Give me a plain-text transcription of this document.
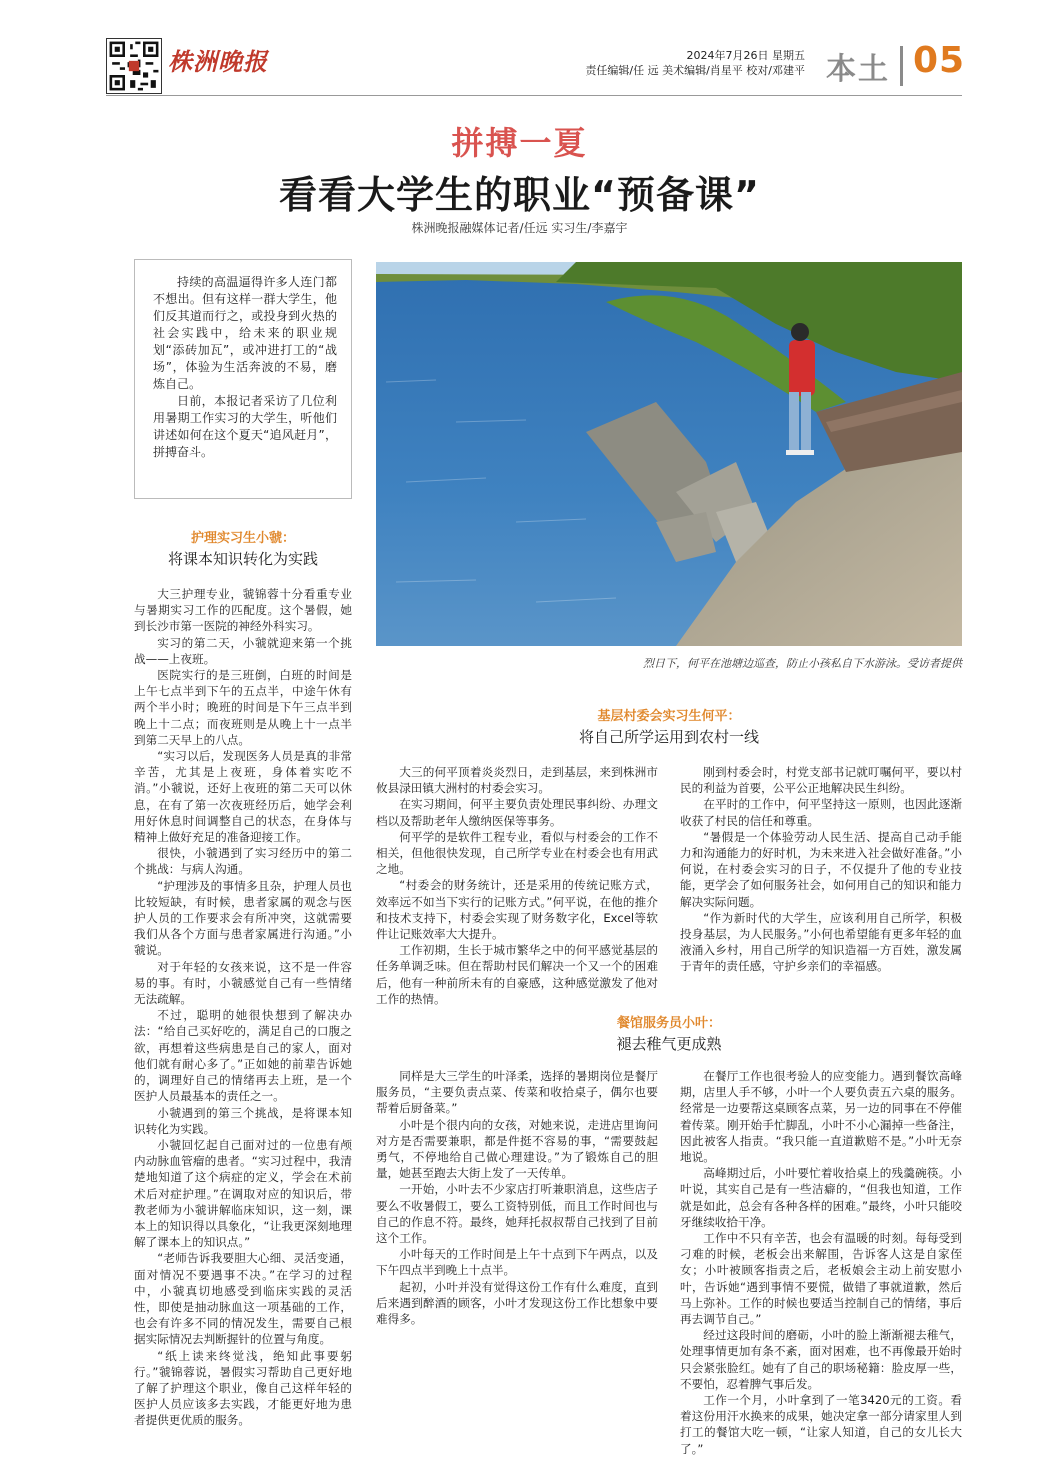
株洲晚报	2024年7月26日 星期五
责任编辑/任 远 美术编辑/肖星平 校对/邓建平 本土 05
拼搏一夏
看看大学生的职业“预备课”
株洲晚报融媒体记者/任远 实习生/李嘉宇

持续的高温逼得许多人连门都不想出。但有这样一群大学生，他们反其道而行之，或投身到火热的社会实践中，给未来的职业规划“添砖加瓦”，或冲进打工的“战场”，体验为生活奔波的不易，磨炼自己。

日前，本报记者采访了几位利用暑期工作实习的大学生，听他们讲述如何在这个夏天“追风赶月”，拼搏奋斗。

烈日下，何平在池塘边巡查，防止小孩私自下水游泳。受访者提供
护理实习生小虢：
将课本知识转化为实践

大三护理专业，虢锦蓉十分看重专业与暑期实习工作的匹配度。这个暑假，她到长沙市第一医院的神经外科实习。

实习的第二天，小虢就迎来第一个挑战——上夜班。

医院实行的是三班倒，白班的时间是上午七点半到下午的五点半，中途午休有两个半小时；晚班的时间是下午三点半到晚上十二点；而夜班则是从晚上十一点半到第二天早上的八点。

“实习以后，发现医务人员是真的非常辛苦，尤其是上夜班，身体着实吃不消。”小虢说，还好上夜班的第二天可以休息，在有了第一次夜班经历后，她学会利用好休息时间调整自己的状态，在身体与精神上做好充足的准备迎接工作。

很快，小虢遇到了实习经历中的第二个挑战：与病人沟通。

“护理涉及的事情多且杂，护理人员也比较短缺，有时候，患者家属的观念与医护人员的工作要求会有所冲突，这就需要我们从各个方面与患者家属进行沟通。”小虢说。

对于年轻的女孩来说，这不是一件容易的事。有时，小虢感觉自己有一些情绪无法疏解。

不过，聪明的她很快想到了解决办法：“给自己买好吃的，满足自己的口腹之欲，再想着这些病患是自己的家人，面对他们就有耐心多了。”正如她的前辈告诉她的，调理好自己的情绪再去上班，是一个医护人员最基本的责任之一。

小虢遇到的第三个挑战，是将课本知识转化为实践。

小虢回忆起自己面对过的一位患有颅内动脉血管瘤的患者。“实习过程中，我清楚地知道了这个病症的定义，学会在术前术后对症护理。”在调取对应的知识后，带教老师为小虢讲解临床知识，这一刻，课本上的知识得以具象化，“让我更深刻地理解了课本上的知识点。”

“老师告诉我要胆大心细、灵活变通，面对情况不要遇事不决。”在学习的过程中，小虢真切地感受到临床实践的灵活性，即使是抽动脉血这一项基础的工作，也会有许多不同的情况发生，需要自己根据实际情况去判断握针的位置与角度。

“纸上读来终觉浅，绝知此事要躬行。”虢锦蓉说，暑假实习帮助自己更好地了解了护理这个职业，像自己这样年轻的医护人员应该多去实践，才能更好地为患者提供更优质的服务。

基层村委会实习生何平：
将自己所学运用到农村一线

大三的何平顶着炎炎烈日，走到基层，来到株洲市攸县渌田镇大洲村的村委会实习。

在实习期间，何平主要负责处理民事纠纷、办理文档以及帮助老年人缴纳医保等事务。

何平学的是软件工程专业，看似与村委会的工作不相关，但他很快发现，自己所学专业在村委会也有用武之地。

“村委会的财务统计，还是采用的传统记账方式，效率远不如当下实行的记账方式。”何平说，在他的推介和技术支持下，村委会实现了财务数字化，Excel等软件让记账效率大大提升。

工作初期，生长于城市繁华之中的何平感觉基层的任务单调乏味。但在帮助村民们解决一个又一个的困难后，他有一种前所未有的自豪感，这种感觉激发了他对工作的热情。

刚到村委会时，村党支部书记就叮嘱何平，要以村民的利益为首要，公平公正地解决民生纠纷。

在平时的工作中，何平坚持这一原则，也因此逐渐收获了村民的信任和尊重。

“暑假是一个体验劳动人民生活、提高自己动手能力和沟通能力的好时机，为未来进入社会做好准备。”小何说，在村委会实习的日子，不仅提升了他的专业技能，更学会了如何服务社会，如何用自己的知识和能力解决实际问题。

“作为新时代的大学生，应该利用自己所学，积极投身基层，为人民服务。”小何也希望能有更多年轻的血液涌入乡村，用自己所学的知识造福一方百姓，激发属于青年的责任感，守护乡亲们的幸福感。

餐馆服务员小叶：
褪去稚气更成熟

同样是大三学生的叶泽柔，选择的暑期岗位是餐厅服务员，“主要负责点菜、传菜和收拾桌子，偶尔也要帮着后厨备菜。”

小叶是个很内向的女孩，对她来说，走进店里询问对方是否需要兼职，都是件挺不容易的事，“需要鼓起勇气，不停地给自己做心理建设。”为了锻炼自己的胆量，她甚至跑去大街上发了一天传单。

一开始，小叶去不少家店打听兼职消息，这些店子要么不收暑假工，要么工资特别低，而且工作时间也与自己的作息不符。最终，她拜托叔叔帮自己找到了目前这个工作。

小叶每天的工作时间是上午十点到下午两点，以及下午四点半到晚上十点半。

起初，小叶并没有觉得这份工作有什么难度，直到后来遇到醉酒的顾客，小叶才发现这份工作比想象中要难得多。

在餐厅工作也很考验人的应变能力。遇到餐饮高峰期，店里人手不够，小叶一个人要负责五六桌的服务。经常是一边要帮这桌顾客点菜，另一边的同事在不停催着传菜。刚开始手忙脚乱，小叶不小心漏掉一些备注，因此被客人指责。“我只能一直道歉赔不是。”小叶无奈地说。

高峰期过后，小叶要忙着收拾桌上的残羹碗筷。小叶说，其实自己是有一些洁癖的，“但我也知道，工作就是如此，总会有各种各样的困难。”最终，小叶只能咬牙继续收拾干净。

工作中不只有辛苦，也会有温暖的时刻。每每受到刁难的时候，老板会出来解围，告诉客人这是自家侄女；小叶被顾客指责之后，老板娘会主动上前安慰小叶，告诉她“遇到事情不要慌，做错了事就道歉，然后马上弥补。工作的时候也要适当控制自己的情绪，事后再去调节自己。”

经过这段时间的磨砺，小叶的脸上渐渐褪去稚气，处理事情更加有条不紊，面对困难，也不再像最开始时只会紧张脸红。她有了自己的职场秘籍：脸皮厚一些，不要怕，忍着脾气事后发。

工作一个月，小叶拿到了一笔3420元的工资。看着这份用汗水换来的成果，她决定拿一部分请家里人到打工的餐馆大吃一顿，“让家人知道，自己的女儿长大了。”
